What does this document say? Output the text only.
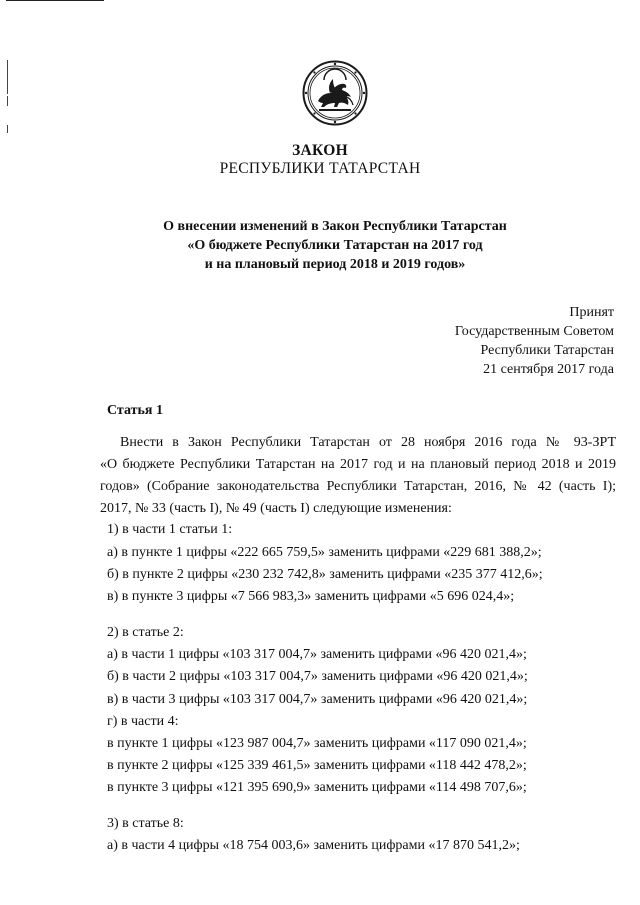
ЗАКОН
РЕСПУБЛИКИ ТАТАРСТАН
О внесении изменений в Закон Республики Татарстан
«О бюджете Республики Татарстан на 2017 год
и на плановый период 2018 и 2019 годов»
Принят
Государственным Советом
Республики Татарстан
21 сентября 2017 года
Статья 1
Внести в Закон Республики Татарстан от 28 ноября 2016 года № 93-ЗРТ
«О бюджете Республики Татарстан на 2017 год и на плановый период 2018 и 2019
годов» (Собрание законодательства Республики Татарстан, 2016, № 42 (часть I);
2017, № 33 (часть I), № 49 (часть I) следующие изменения:
1) в части 1 статьи 1:
а) в пункте 1 цифры «222 665 759,5» заменить цифрами «229 681 388,2»;
б) в пункте 2 цифры «230 232 742,8» заменить цифрами «235 377 412,6»;
в) в пункте 3 цифры «7 566 983,3» заменить цифрами «5 696 024,4»;
2) в статье 2:
а) в части 1 цифры «103 317 004,7» заменить цифрами «96 420 021,4»;
б) в части 2 цифры «103 317 004,7» заменить цифрами «96 420 021,4»;
в) в части 3 цифры «103 317 004,7» заменить цифрами «96 420 021,4»;
г) в части 4:
в пункте 1 цифры «123 987 004,7» заменить цифрами «117 090 021,4»;
в пункте 2 цифры «125 339 461,5» заменить цифрами «118 442 478,2»;
в пункте 3 цифры «121 395 690,9» заменить цифрами «114 498 707,6»;
3) в статье 8:
а) в части 4 цифры «18 754 003,6» заменить цифрами «17 870 541,2»;
